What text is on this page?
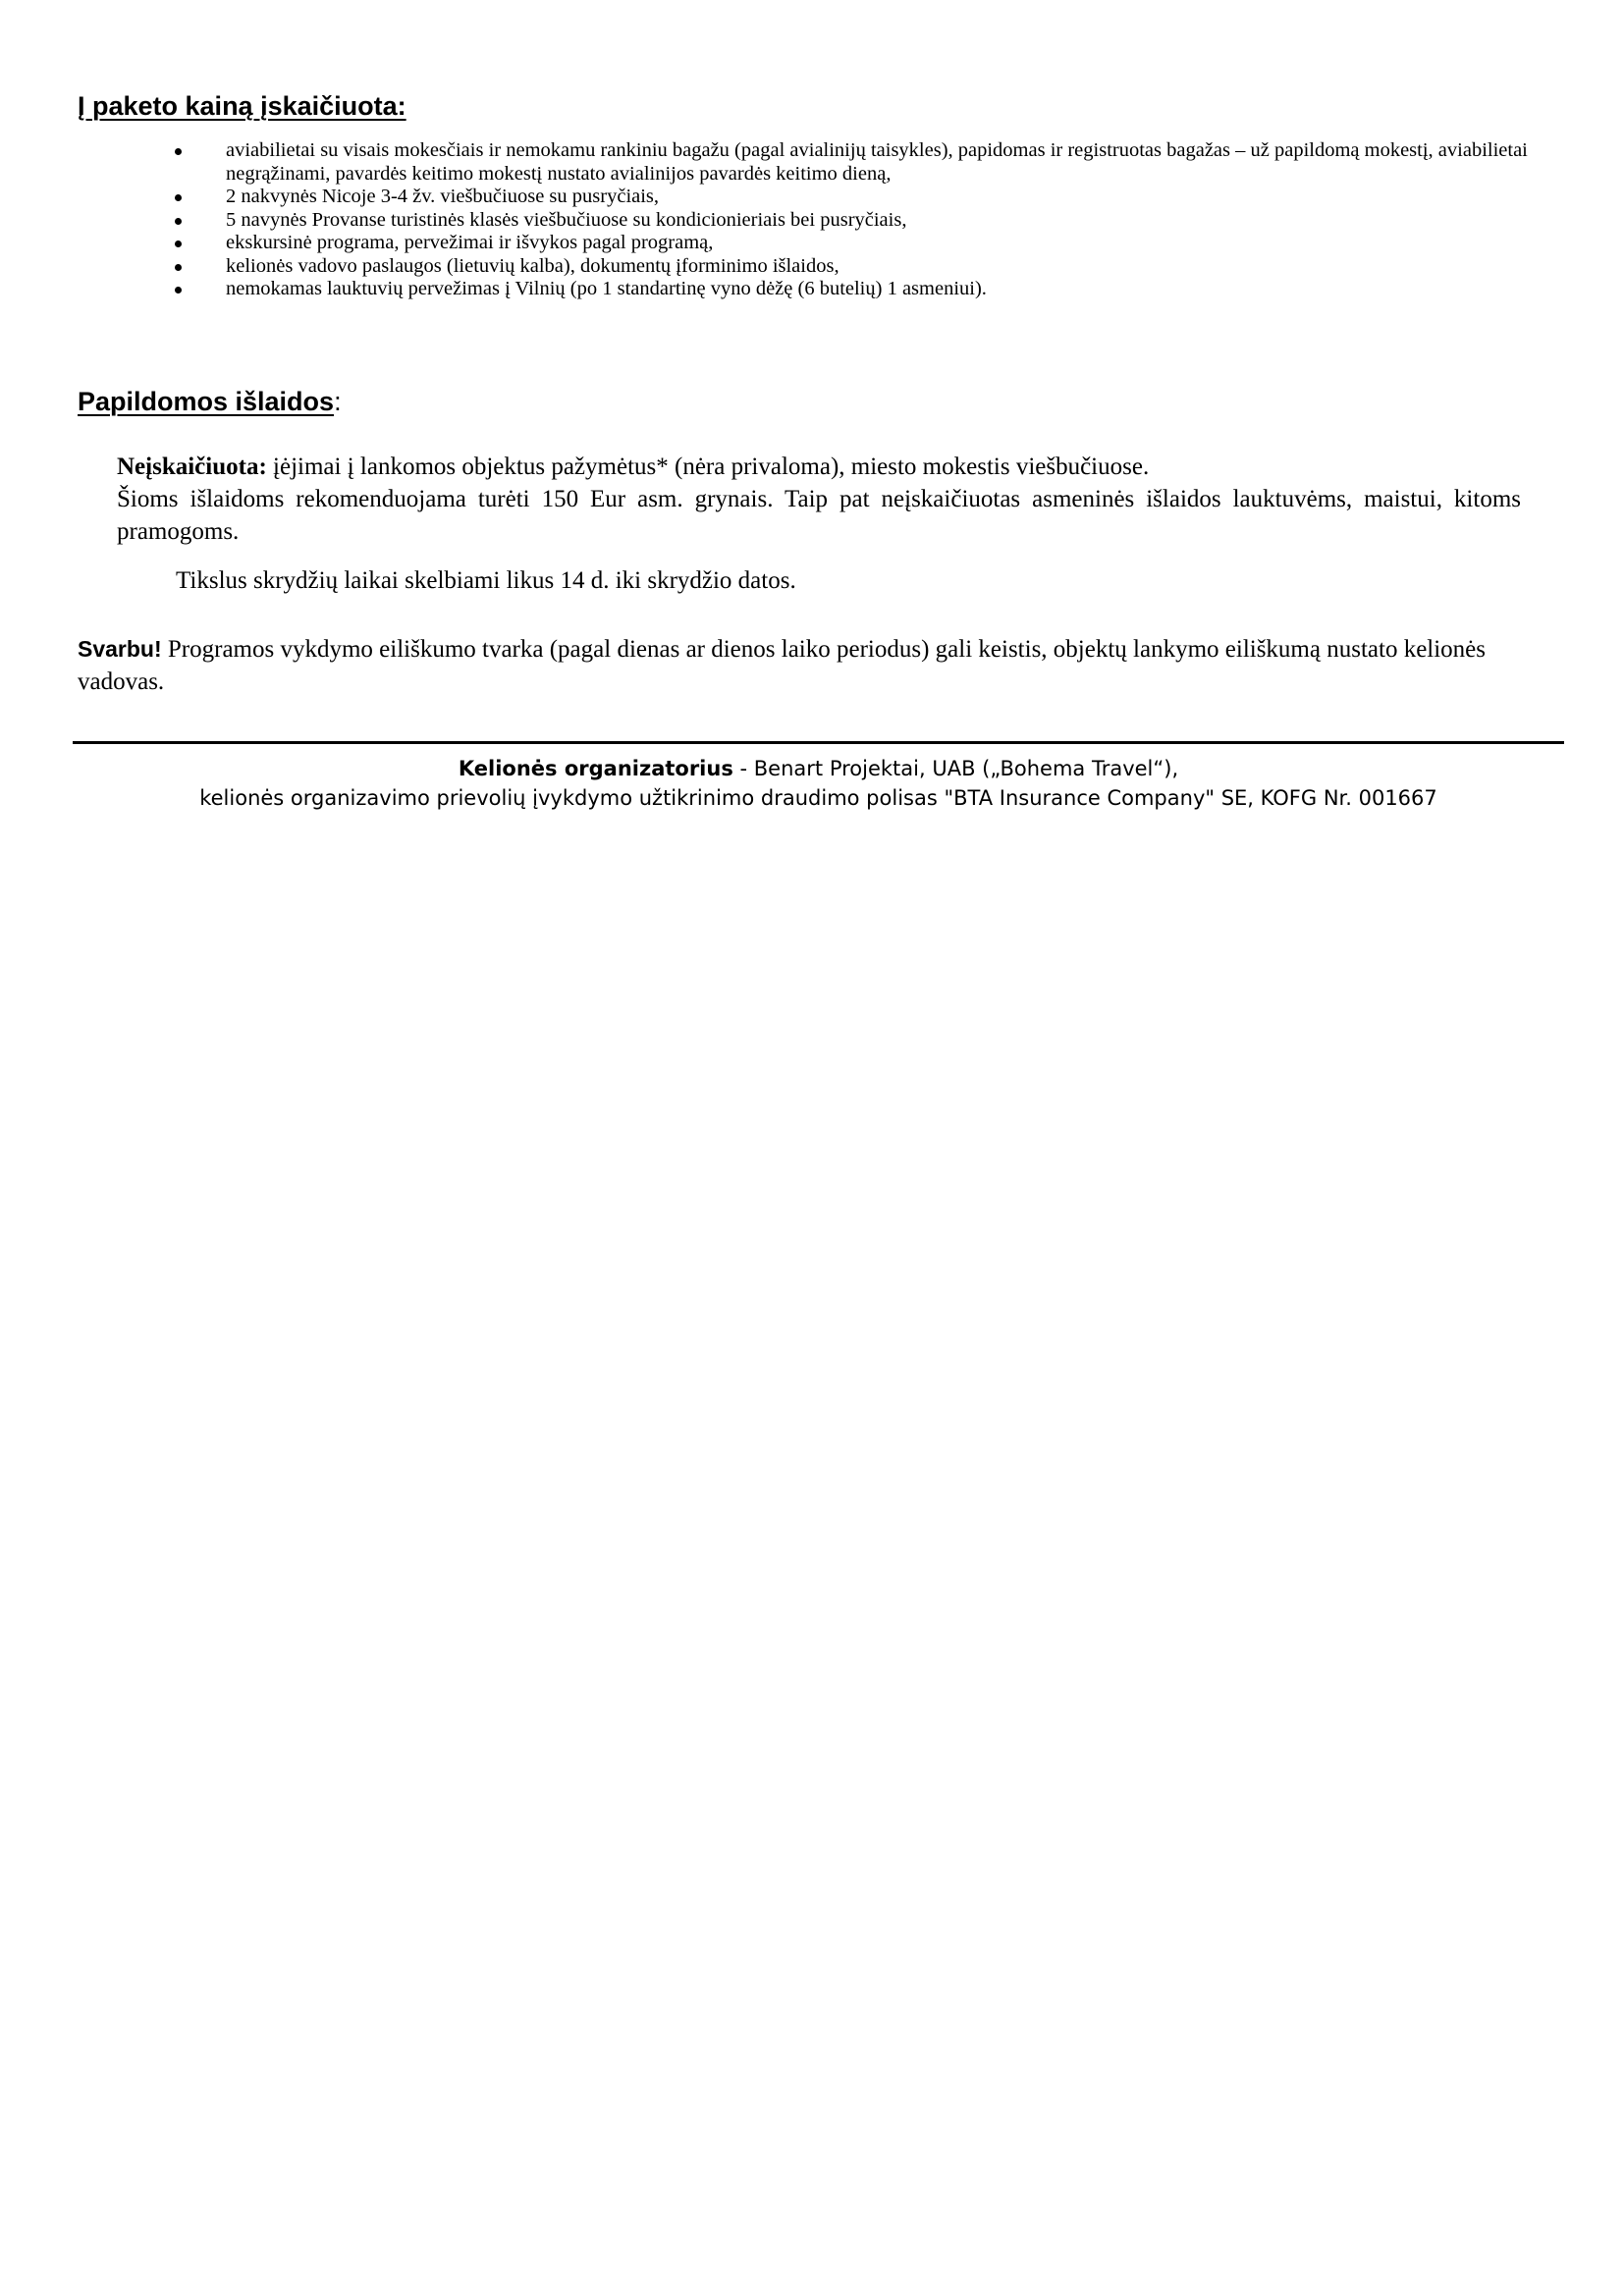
Į paketo kainą įskaičiuota:
aviabilietai su visais mokesčiais ir nemokamu rankiniu bagažu (pagal avialinijų taisykles), papidomas ir registruotas bagažas – už papildomą mokestį, aviabilietai negrąžinami, pavardės keitimo mokestį nustato avialinijos pavardės keitimo dieną,
2 nakvynės Nicoje 3-4 žv. viešbučiuose su pusryčiais,
5 navynės Provanse turistinės klasės viešbučiuose su kondicionieriais bei pusryčiais,
ekskursinė programa, pervežimai ir išvykos pagal programą,
kelionės vadovo paslaugos (lietuvių kalba), dokumentų įforminimo išlaidos,
nemokamas lauktuvių pervežimas į Vilnių (po 1 standartinę vyno dėžę (6 butelių) 1 asmeniui).
Papildomos išlaidos:
Neįskaičiuota: įėjimai į lankomos objektus pažymėtus* (nėra privaloma), miesto mokestis viešbučiuose.
Šioms išlaidoms rekomenduojama turėti 150 Eur asm. grynais. Taip pat neįskaičiuotas asmeninės išlaidos lauktuvėms, maistui, kitoms pramogoms.
Tikslus skrydžių laikai skelbiami likus 14 d. iki skrydžio datos.
Svarbu! Programos vykdymo eiliškumo tvarka (pagal dienas ar dienos laiko periodus) gali keistis, objektų lankymo eiliškumą nustato kelionės vadovas.
Kelionės organizatorius - Benart Projektai, UAB („Bohema Travel“),
kelionės organizavimo prievolių įvykdymo užtikrinimo draudimo polisas "BTA Insurance Company" SE, KOFG Nr. 001667
